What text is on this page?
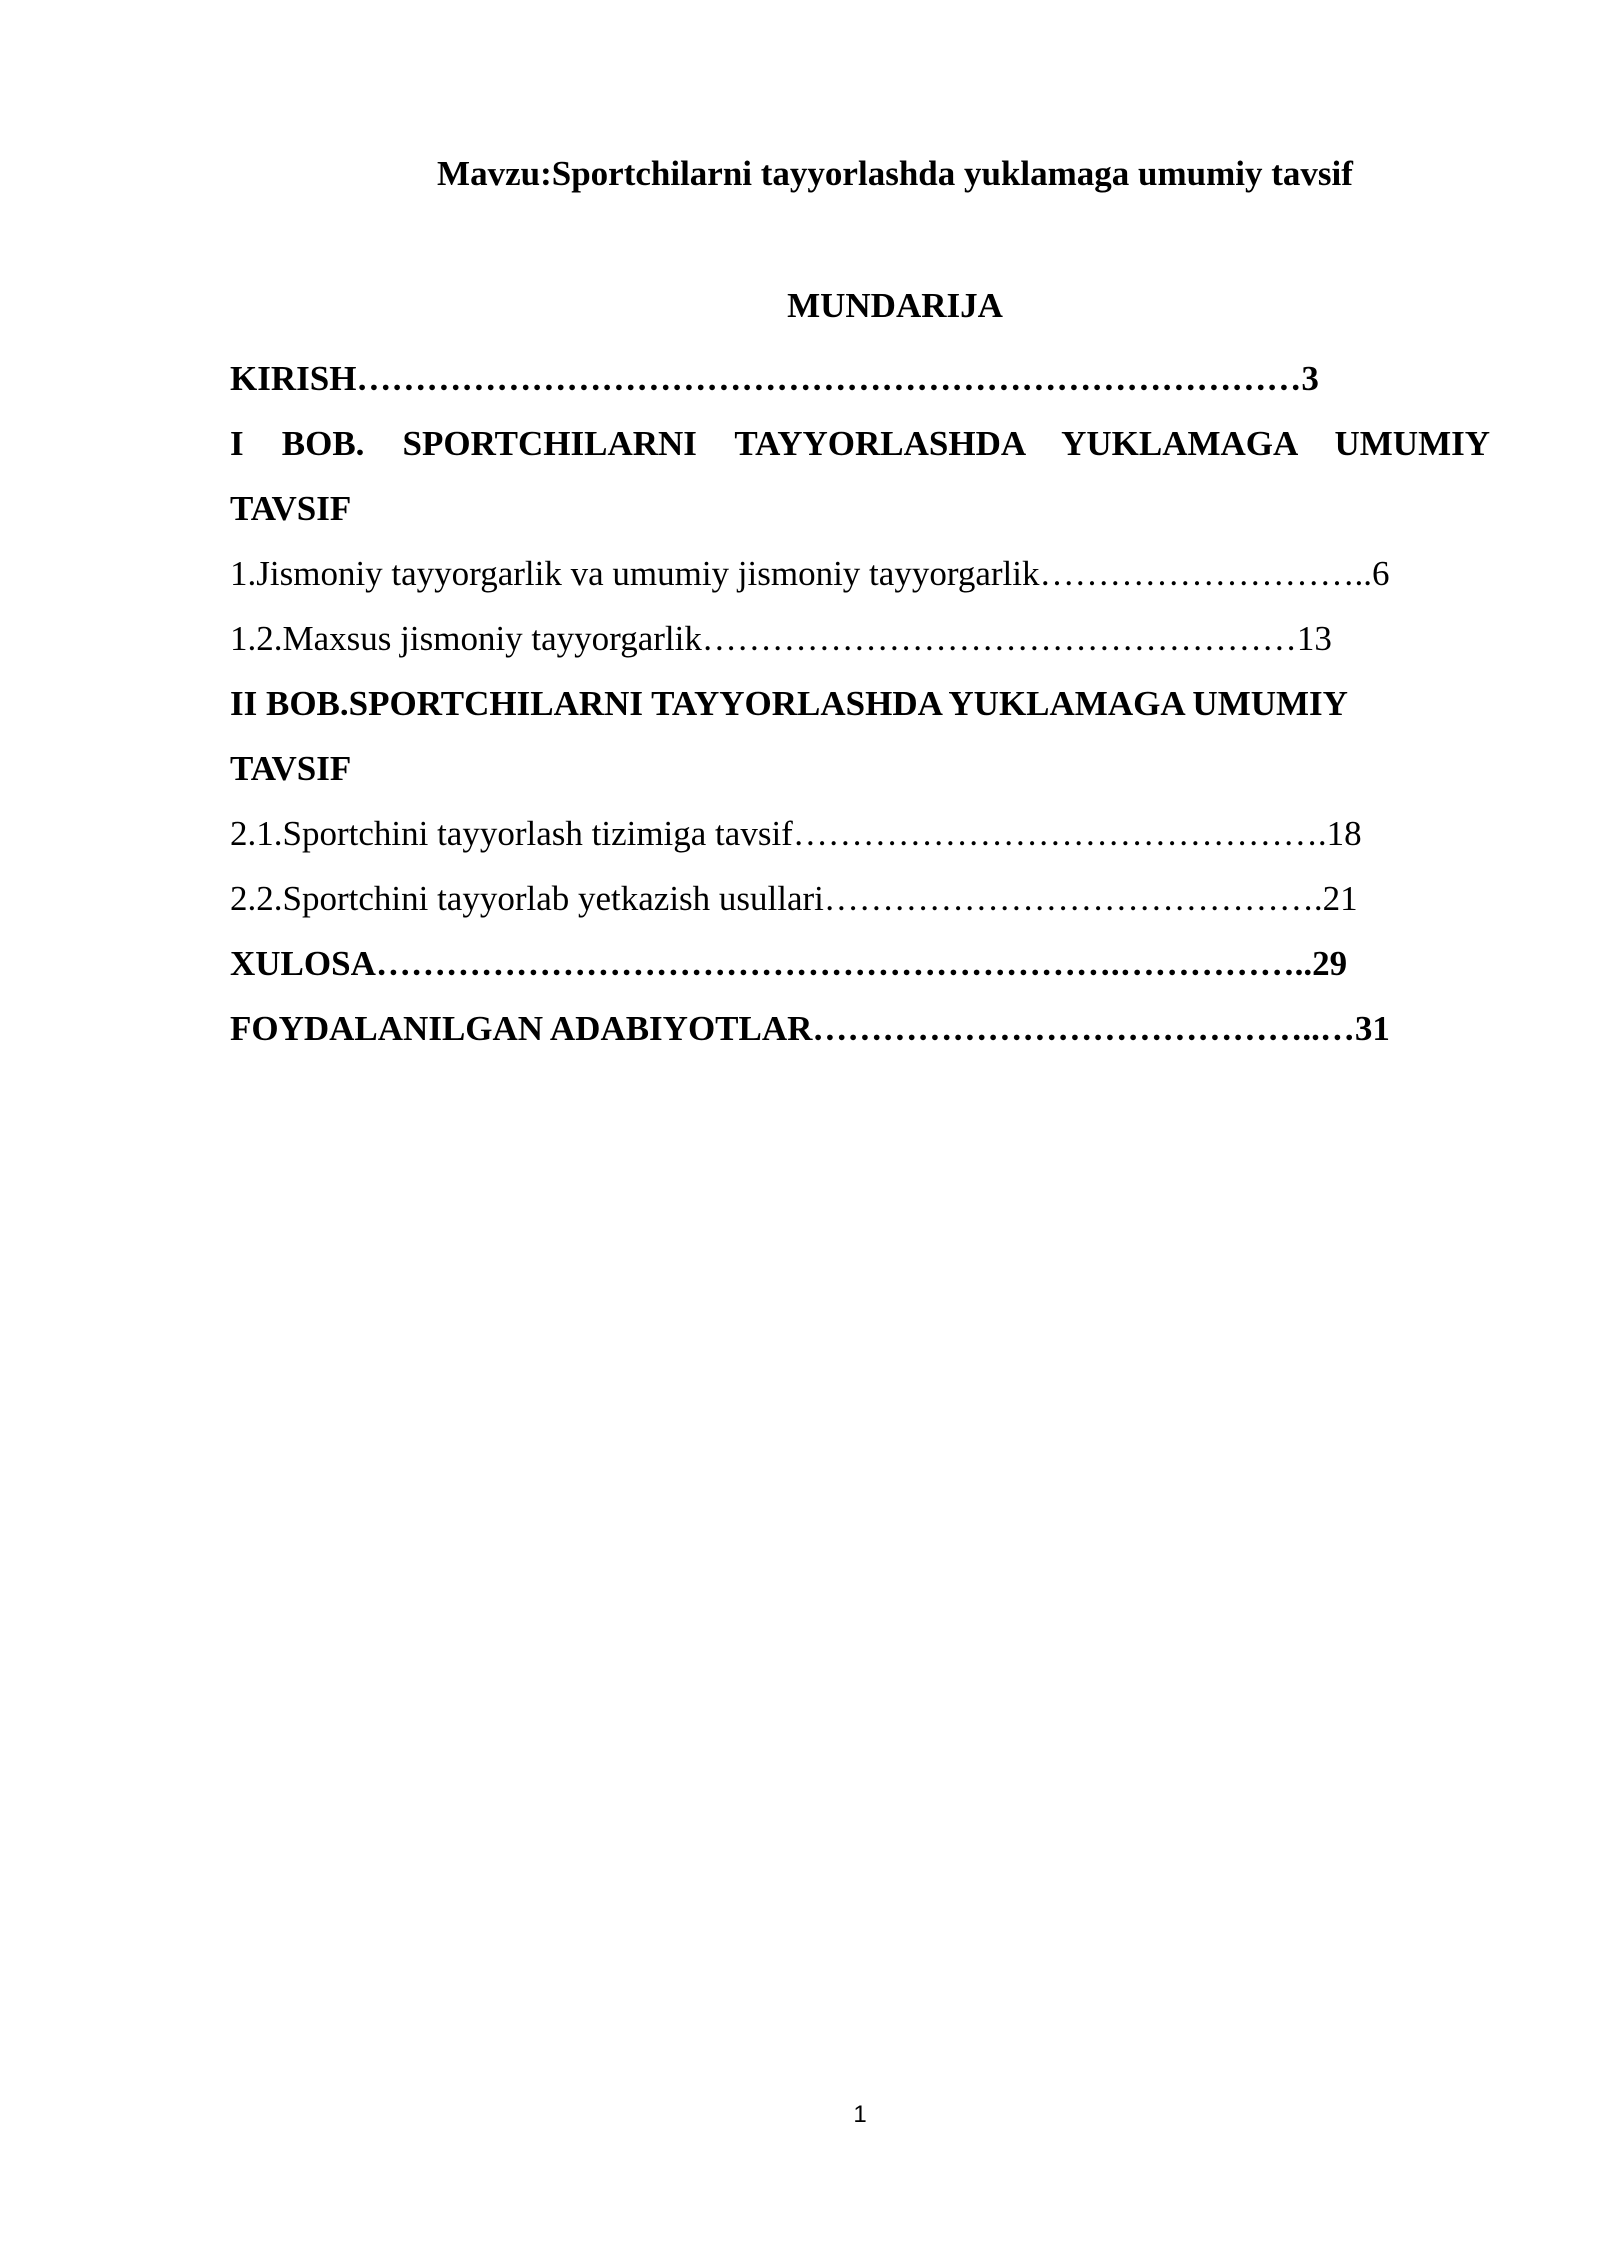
Mavzu:Sportchilarni tayyorlashda yuklamaga umumiy tavsif
MUNDARIJA
KIRISH………………………………………………………………………3
I BOB. SPORTCHILARNI TAYYORLASHDA YUKLAMAGA UMUMIY
TAVSIF
1.Jismoniy tayyorgarlik va umumiy jismoniy tayyorgarlik………………………..6
1.2.Maxsus jismoniy tayyorgarlik……………………………………………13
II BOB.SPORTCHILARNI TAYYORLASHDA YUKLAMAGA UMUMIY
TAVSIF
2.1.Sportchini tayyorlash tizimiga tavsif……………………………………….18
2.2.Sportchini tayyorlab yetkazish usullari…………………………………….21
XULOSA……………………………………………………….……………..29
FOYDALANILGAN ADABIYOTLAR……………………………………..…31
1
